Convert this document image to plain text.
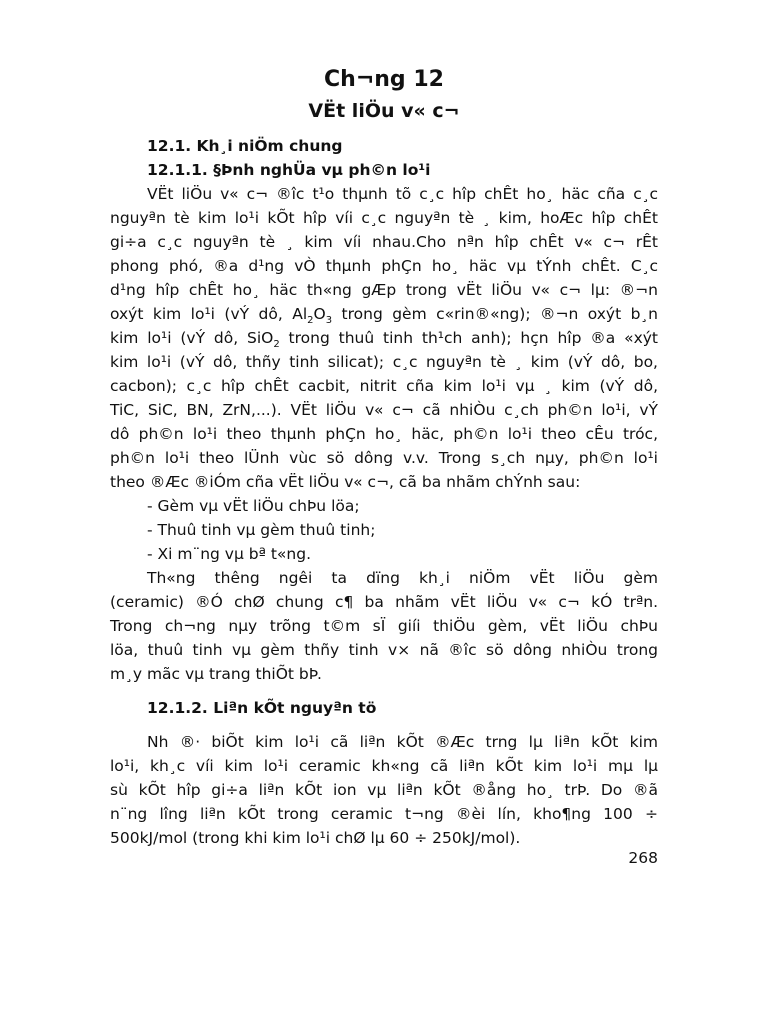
Ch¬ng 12

VËt liÖu v« c¬

12.1. Kh¸i niÖm chung

12.1.1. §Þnh nghÜa vµ ph©n lo¹i

VËt liÖu v« c¬ ®îc t¹o thµnh tõ c¸c hîp chÊt ho¸ häc cña c¸c
nguyªn tè kim lo¹i kÕt hîp víi c¸c nguyªn tè ¸ kim, hoÆc hîp chÊt
gi÷a c¸c nguyªn tè ¸ kim víi nhau.Cho nªn hîp chÊt v« c¬ rÊt
phong phó, ®a d¹ng vÒ thµnh phÇn ho¸ häc vµ tÝnh chÊt. C¸c
d¹ng hîp chÊt ho¸ häc th«ng gÆp trong vËt liÖu v« c¬ lµ: ®¬n
oxýt kim lo¹i (vÝ dô, $Al_2O_3$ trong gèm c«rin®«ng); ®¬n oxýt b¸n
kim lo¹i (vÝ dô, SiO$_2$ trong thuû tinh th¹ch anh); hçn hîp ®a «xýt
kim lo¹i (vÝ dô, thñy tinh silicat); c¸c nguyªn tè ¸ kim (vÝ dô, bo,
cacbon); c¸c hîp chÊt cacbit, nitrit cña kim lo¹i vµ ¸ kim (vÝ dô,
TiC, SiC, BN, ZrN,...). VËt liÖu v« c¬ cã nhiÒu c¸ch ph©n lo¹i, vÝ
dô ph©n lo¹i theo thµnh phÇn ho¸ häc, ph©n lo¹i theo cÊu tróc,
ph©n lo¹i theo lÜnh vùc sö dông v.v. Trong s¸ch nµy, ph©n lo¹i
theo ®Æc ®iÓm cña vËt liÖu v« c¬, cã ba nhãm chÝnh sau:
- Gèm vµ vËt liÖu chÞu löa;
- Thuû tinh vµ gèm thuû tinh;
- Xi m¨ng vµ bª t«ng.
Th«ng thêng ngêi ta dïng kh¸i niÖm vËt liÖu gèm
(ceramic) ®Ó chØ chung c¶ ba nhãm vËt liÖu v« c¬ kÓ trªn.
Trong ch¬ng nµy trõng t©m sÏ giíi thiÖu gèm, vËt liÖu chÞu
löa, thuû tinh vµ gèm thñy tinh v× nã ®îc sö dông nhiÒu trong
m¸y mãc vµ trang thiÕt bÞ.

12.1.2. Liªn kÕt nguyªn tö

Nh ®· biÕt kim lo¹i cã liªn kÕt ®Æc trng lµ liªn kÕt kim
lo¹i, kh¸c víi kim lo¹i ceramic kh«ng cã liªn kÕt kim lo¹i mµ lµ
sù kÕt hîp gi÷a liªn kÕt ion vµ liªn kÕt ®ång ho¸ trÞ. Do ®ã
n¨ng lîng liªn kÕt trong ceramic t¬ng ®èi lín, kho¶ng 100 ÷
500kJ/mol (trong khi kim lo¹i chØ lµ 60 ÷ 250kJ/mol).
268
